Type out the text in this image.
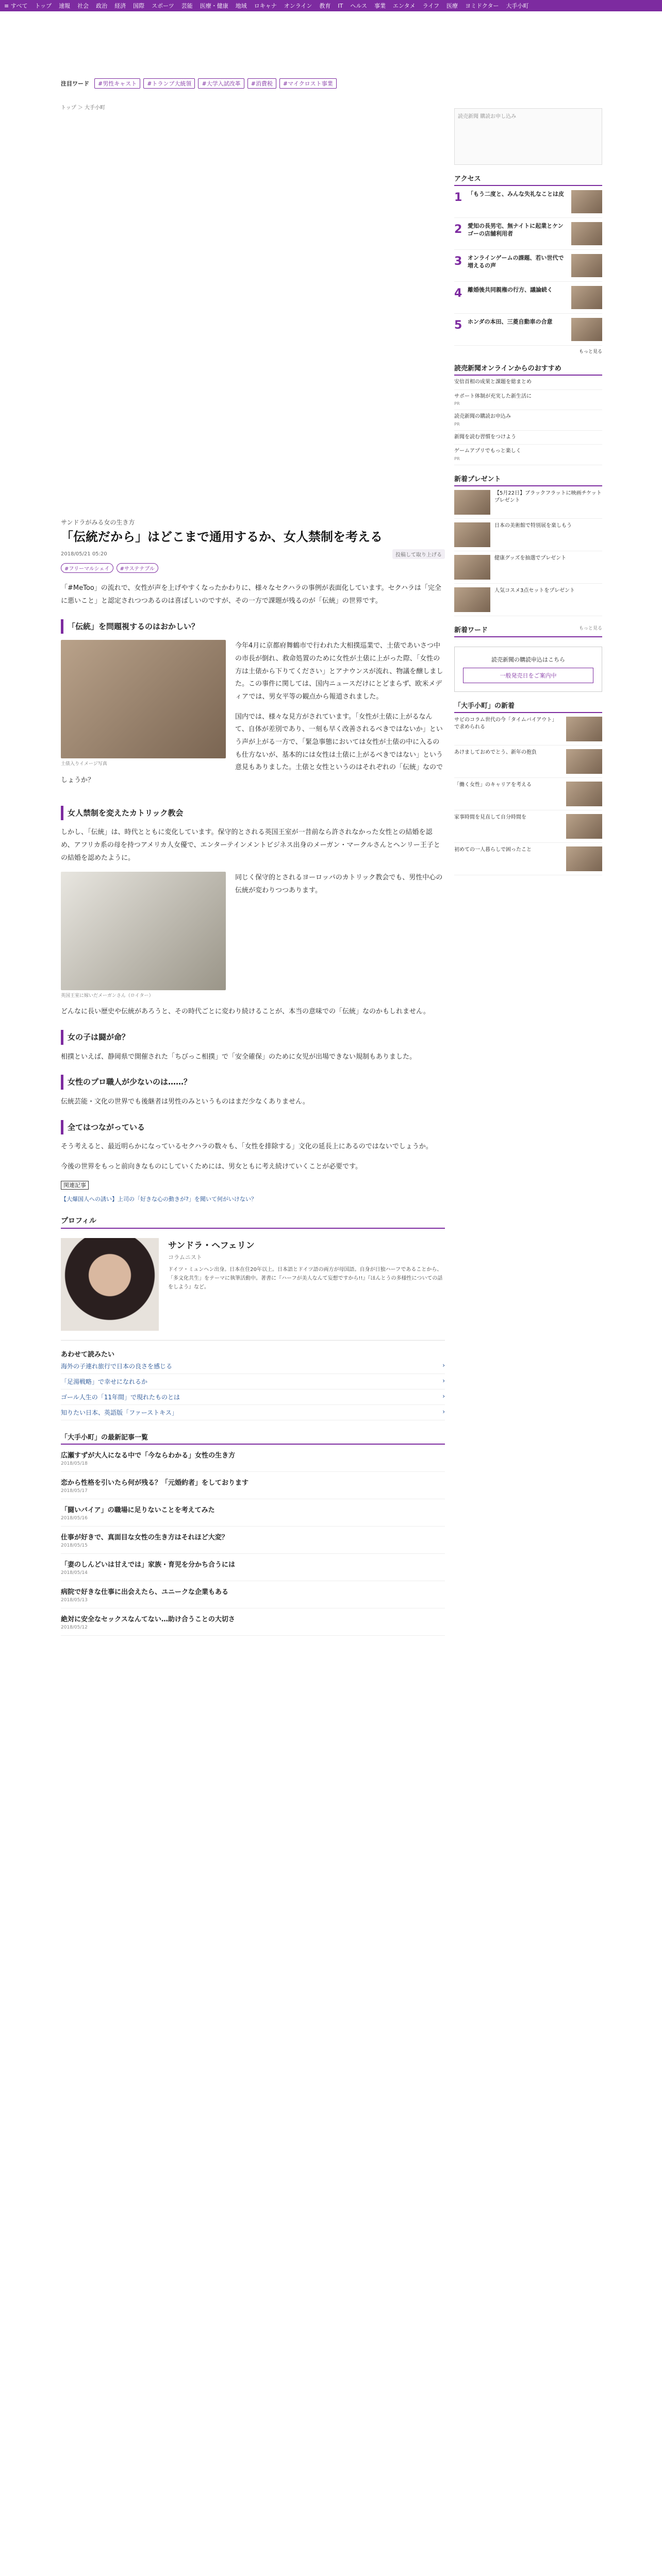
≡ すべて トップ 速報 社会 政治 経済 国際 スポーツ 芸能 医療・健康 地域 ロキャナ オンライン 教育 IT ヘルス 事業 エンタメ ライフ 医療 ヨミドクター 大手小町
注目ワード	#男性キャスト	#トランプ大統領	#大学入試改革	#消費税	#マイクロスト事業
トップ ＞ 大手小町
サンドラがみる女の生き方
「伝統だから」はどこまで通用するか、女人禁制を考える
2018/05/21 05:20	投稿して取り上げる
#フリーマルシェイ	#サステナブル

「#MeToo」の流れで、女性が声を上げやすくなったかわりに、様々なセクハラの事例が表面化しています。セクハラは「完全に悪いこと」と認定されつつあるのは喜ばしいのですが、その一方で課題が残るのが「伝統」の世界です。

「伝統」を問題視するのはおかしい？
土俵入りイメージ写真

今年4月に京都府舞鶴市で行われた大相撲巡業で、土俵であいさつ中の市長が倒れ、救命処置のために女性が土俵に上がった際、「女性の方は土俵から下りてください」とアナウンスが流れ、物議を醸しました。この事件に関しては、国内ニュースだけにとどまらず、欧米メディアでは、男女平等の観点から報道されました。

国内では、様々な見方がされています。「女性が土俵に上がるなんて、自体が差別であり、一刻も早く改善されるべきではないか」という声が上がる一方で、「緊急事態においては女性が土俵の中に入るのも仕方ないが、基本的には女性は土俵に上がるべきではない」という意見もありました。土俵と女性というのはそれぞれの「伝統」なのでしょうか？

女人禁制を変えたカトリック教会

しかし、「伝統」は、時代とともに変化しています。保守的とされる英国王室が一昔前なら許されなかった女性との結婚を認め、アフリカ系の母を持つアメリカ人女優で、エンターテインメントビジネス出身のメーガン・マークルさんとヘンリー王子との結婚を認めたように。

英国王室に嫁いだメーガンさん（ロイター）

同じく保守的とされるヨーロッパのカトリック教会でも、男性中心の伝統が変わりつつあります。

どんなに長い歴史や伝統があろうと、その時代ごとに変わり続けることが、本当の意味での「伝統」なのかもしれません。

女の子は闘が命？

相撲といえば、静岡県で開催された「ちびっこ相撲」で「安全確保」のために女児が出場できない規制もありました。

女性のプロ職人が少ないのは……？

伝統芸能・文化の世界でも後継者は男性のみというものはまだ少なくありません。

全てはつながっている

そう考えると、最近明らかになっているセクハラの数々も、「女性を排除する」文化の延長上にあるのではないでしょうか。

今後の世界をもっと前向きなものにしていくためには、男女ともに考え続けていくことが必要です。

関連記事
【大爆国人への誘い】上司の「好きな心の動きが?」を聞いて何がいけない？
プロフィル
サンドラ・ヘフェリン
コラムニスト
ドイツ・ミュンヘン出身。日本在住20年以上。日本語とドイツ語の両方が母国語。自身が日独ハーフであることから、「多文化共生」をテーマに執筆活動中。著書に『ハーフが美人なんて妄想ですから!!』『ほんとうの多様性についての話をしよう』など。
あわせて読みたい
海外の子連れ旅行で日本の良さを感じる	›
「足湯戦略」で幸せになれるか	›
ゴール人生の「11年間」で現れたものとは	›
知りたい日本、英語版「ファーストキス」	›
「大手小町」の最新記事一覧
広瀬すずが大人になる中で「今ならわかる」女性の生き方
2018/05/18
恋から性格を引いたら何が残る？「元婚約者」をしております
2018/05/17
「闘いバイア」の職場に足りないことを考えてみた
2018/05/16
仕事が好きで、真面目な女性の生き方はそれほど大変？
2018/05/15
「妻のしんどいは甘えでは」家族・育児を分かち合うには
2018/05/14
病院で好きな仕事に出会えたら、ユニークな企業もある
2018/05/13
絶対に安全なセックスなんてない…助け合うことの大切さ
2018/05/12
読売新聞 購読お申し込み
アクセス
1 「もう二度と、みんな失礼なことは皮
2 愛知の長男宅、無ナイトに起業とケンゴーの店舗利用者
3 オンラインゲームの課題、若い世代で増えるの声
4 離婚後共同親権の行方、議論続く
5 ホンダの本田、三菱自動車の合意
もっと見る
読売新聞オンラインからのおすすめ
安倍首相の成果と課題を総まとめ
サポート体制が充実した新生活に
PR
読売新聞の購読お申込み
PR
新聞を読む習慣をつけよう
ゲームアプリでもっと楽しく
PR
新着プレゼント
【5月22日】ブラックフラットに映画チケットプレゼント
日本の美術館で特別展を楽しもう
健康グッズを抽選でプレゼント
人気コスメ3点セットをプレゼント
新着ワード	もっと見る
読売新聞の購読申込はこちら
一般発売日をご案内中
「大手小町」の新着
サビのコラム世代の今「タイムバイアウト」で求められる
あけましておめでとう、新年の抱負
「働く女性」のキャリアを考える
家事時間を見直して自分時間を
初めての一人暮らしで困ったこと
